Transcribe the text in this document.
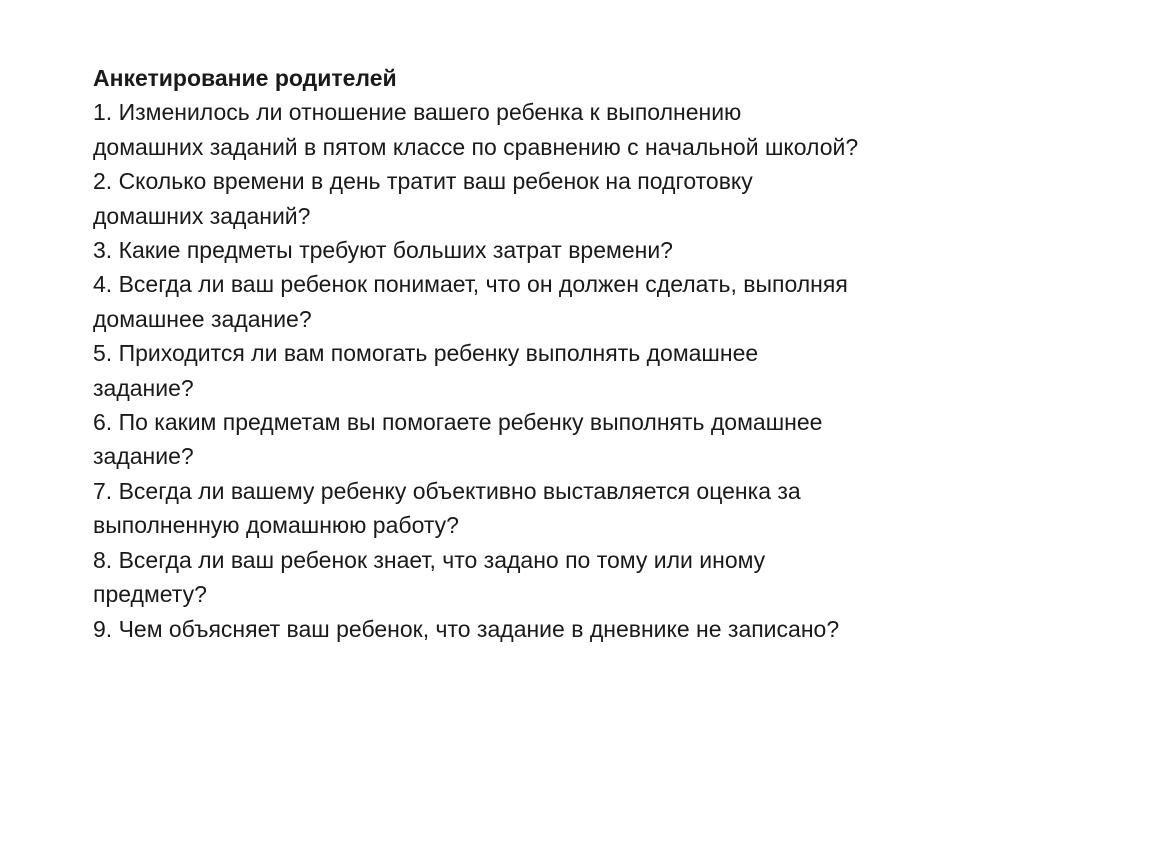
Анкетирование родителей
1. Изменилось ли отношение вашего ребенка к выполнению
домашних заданий в пятом классе по сравнению с начальной школой?
2. Сколько времени в день тратит ваш ребенок на подготовку
домашних заданий?
3. Какие предметы требуют больших затрат времени?
4. Всегда ли ваш ребенок понимает, что он должен сделать, выполняя
домашнее задание?
5. Приходится ли вам помогать ребенку выполнять домашнее
задание?
6. По каким предметам вы помогаете ребенку выполнять домашнее
задание?
7. Всегда ли вашему ребенку объективно выставляется оценка за
выполненную домашнюю работу?
8. Всегда ли ваш ребенок знает, что задано по тому или иному
предмету?
9. Чем объясняет ваш ребенок, что задание в дневнике не записано?
